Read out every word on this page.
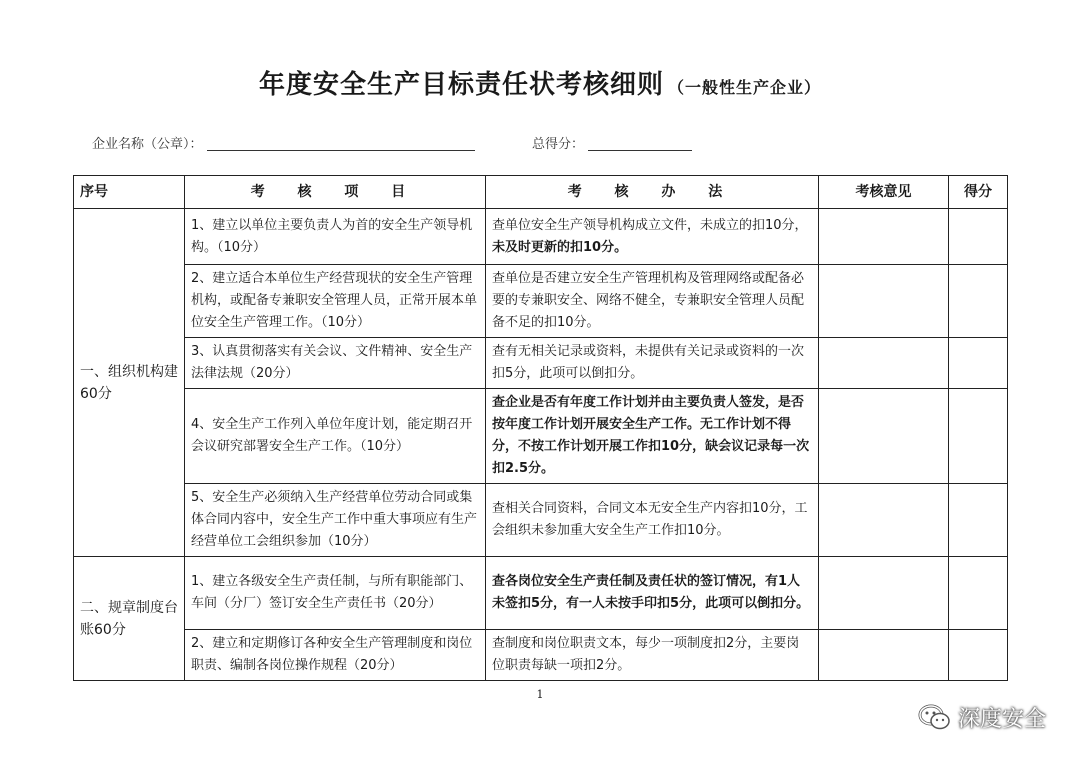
年度安全生产目标责任状考核细则 （一般性生产企业）
企业名称（公章）：	总得分：
序号	考 核 项 目	考 核 办 法	考核意见	得分
一、组织机构建60分	1、建立以单位主要负责人为首的安全生产领导机构。（10分）	查单位安全生产领导机构成立文件，未成立的扣10分，未及时更新的扣10分。		
	2、建立适合本单位生产经营现状的安全生产管理机构，或配备专兼职安全管理人员，正常开展本单位安全生产管理工作。（10分）	查单位是否建立安全生产管理机构及管理网络或配备必要的专兼职安全、网络不健全，专兼职安全管理人员配备不足的扣10分。		
	3、认真贯彻落实有关会议、文件精神、安全生产法律法规（20分）	查有无相关记录或资料，未提供有关记录或资料的一次扣5分，此项可以倒扣分。		
	4、安全生产工作列入单位年度计划，能定期召开会议研究部署安全生产工作。（10分）	查企业是否有年度工作计划并由主要负责人签发，是否按年度工作计划开展安全生产工作。无工作计划不得分，不按工作计划开展工作扣10分，缺会议记录每一次扣2.5分。		
	5、安全生产必须纳入生产经营单位劳动合同或集体合同内容中，安全生产工作中重大事项应有生产经营单位工会组织参加（10分）	查相关合同资料，合同文本无安全生产内容扣10分，工会组织未参加重大安全生产工作扣10分。		
二、规章制度台账60分	1、建立各级安全生产责任制，与所有职能部门、车间（分厂）签订安全生产责任书（20分）	查各岗位安全生产责任制及责任状的签订情况，有1人未签扣5分，有一人未按手印扣5分，此项可以倒扣分。		
	2、建立和定期修订各种安全生产管理制度和岗位职责、编制各岗位操作规程（20分）	查制度和岗位职责文本，每少一项制度扣2分，主要岗位职责每缺一项扣2分。		
1
深度安全
